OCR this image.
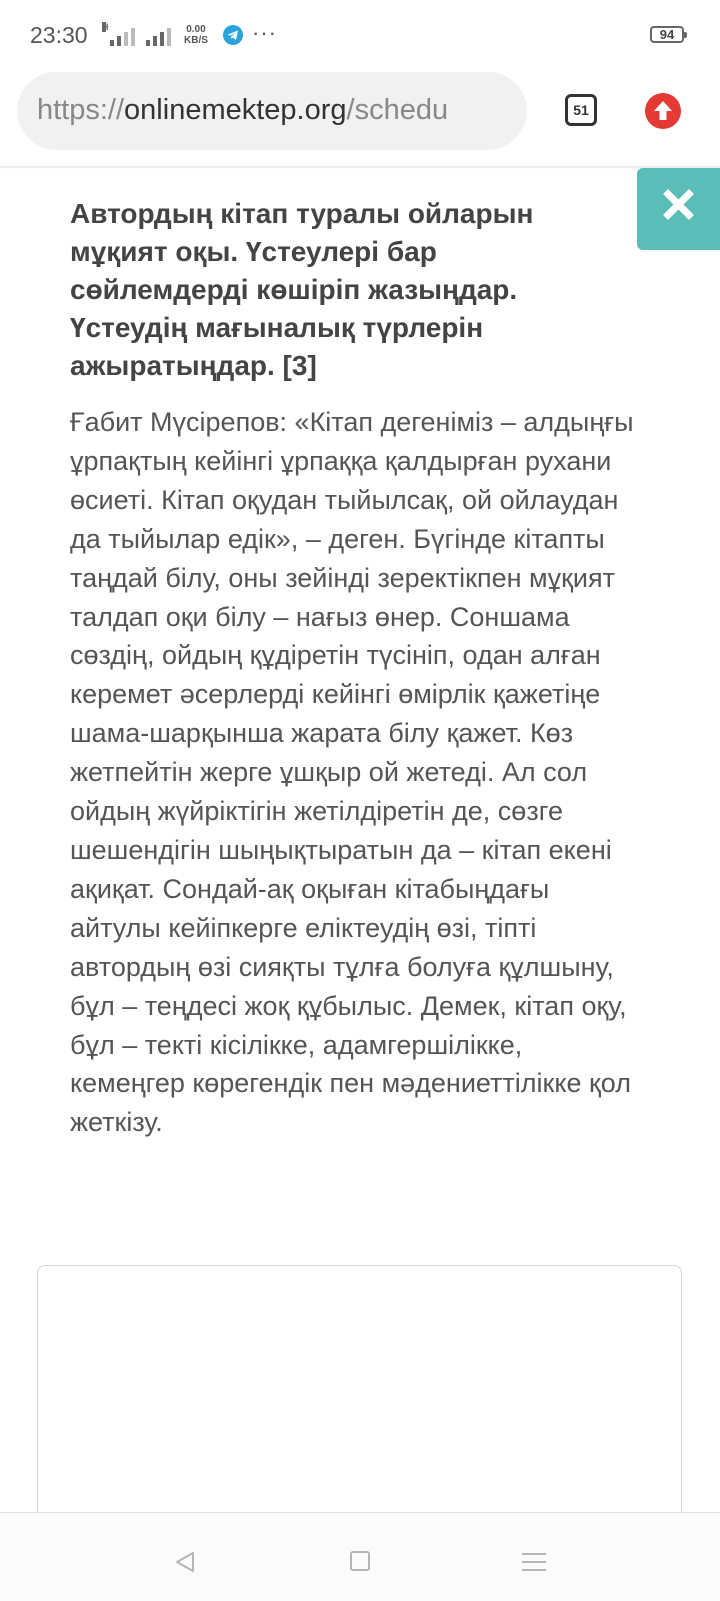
23:30 H	0.00
KB/S ···	94
https://onlinemektep.org/schedu	51

Автордың кітап туралы ойларын мұқият оқы. Үстеулері бар сөйлемдерді көшіріп жазыңдар. Үстеудің мағыналық түрлерін ажыратыңдар. [3]

Ғабит Мүсірепов: «Кітап дегеніміз – алдыңғы ұрпақтың кейінгі ұрпаққа қалдырған рухани өсиеті. Кітап оқудан тыйылсақ, ой ойлаудан да тыйылар едік», – деген. Бүгінде кітапты таңдай білу, оны зейінді зеректікпен мұқият талдап оқи білу – нағыз өнер. Соншама сөздің, ойдың құдіретін түсініп, одан алған керемет әсерлерді кейінгі өмірлік қажетіңе шама-шарқынша жарата білу қажет. Көз жетпейтін жерге ұшқыр ой жетеді. Ал сол ойдың жүйріктігін жетілдіретін де, сөзге шешендігін шыңықтыратын да – кітап екені ақиқат. Сондай-ақ оқыған кітабыңдағы айтулы кейіпкерге еліктеудің өзі, тіпті автордың өзі сияқты тұлға болуға құлшыну, бұл – теңдесі жоқ құбылыс. Демек, кітап оқу, бұл – текті кісілікке, адамгершілікке, кемеңгер көрегендік пен мәдениеттілікке қол жеткізу.
